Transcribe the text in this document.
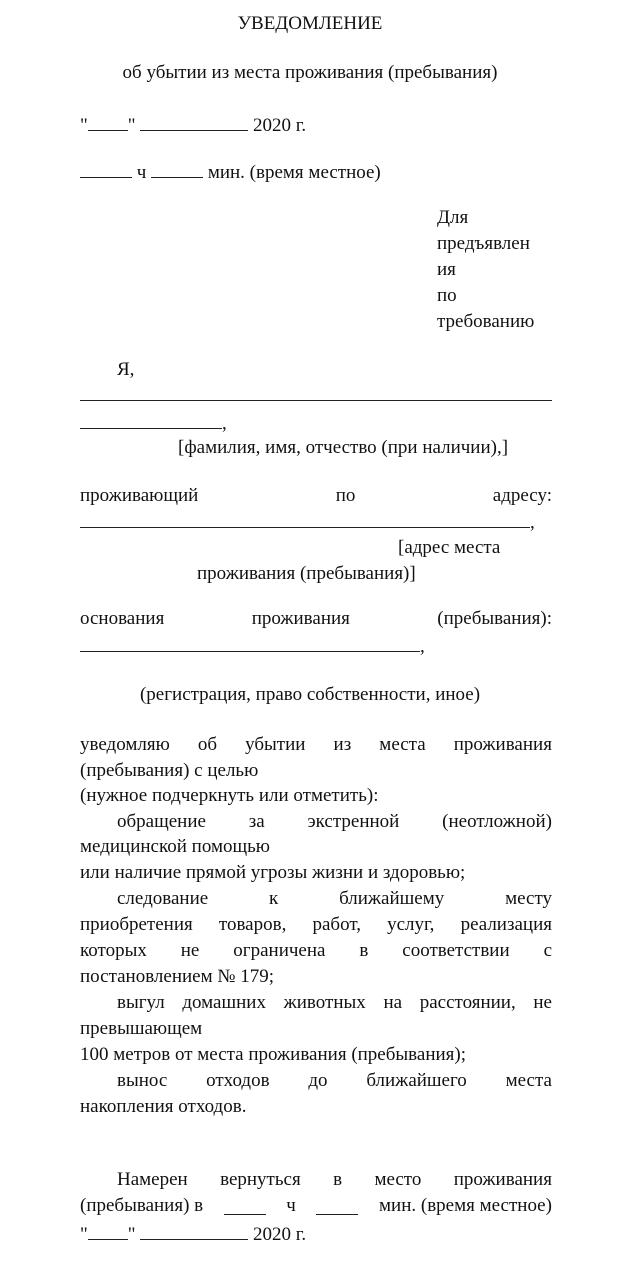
УВЕДОМЛЕНИЕ
об убытии из места проживания (пребывания)
" "	2020 г.
ч	мин. (время местное)
Для
предъявлен
ия
по
требованию
Я,
,
[фамилия, имя, отчество (при наличии),]
проживающий	по	адресу:
,
[адрес места
проживания (пребывания)]
основания	проживания	(пребывания):
,
(регистрация, право собственности, иное)
уведомляю об убытии из места проживания
(пребывания) с целью
(нужное подчеркнуть или отметить):
обращение за экстренной (неотложной)
медицинской помощью
или наличие прямой угрозы жизни и здоровью;
следование	к	ближайшему	месту
приобретения товаров, работ, услуг, реализация
которых не ограничена в соответствии с
постановлением № 179;
выгул домашних животных на расстоянии, не
превышающем
100 метров от места проживания (пребывания);
вынос отходов до ближайшего места
накопления отходов.
Намерен вернуться в место проживания
(пребывания) в	ч	мин. (время местное)
" "	2020 г.
